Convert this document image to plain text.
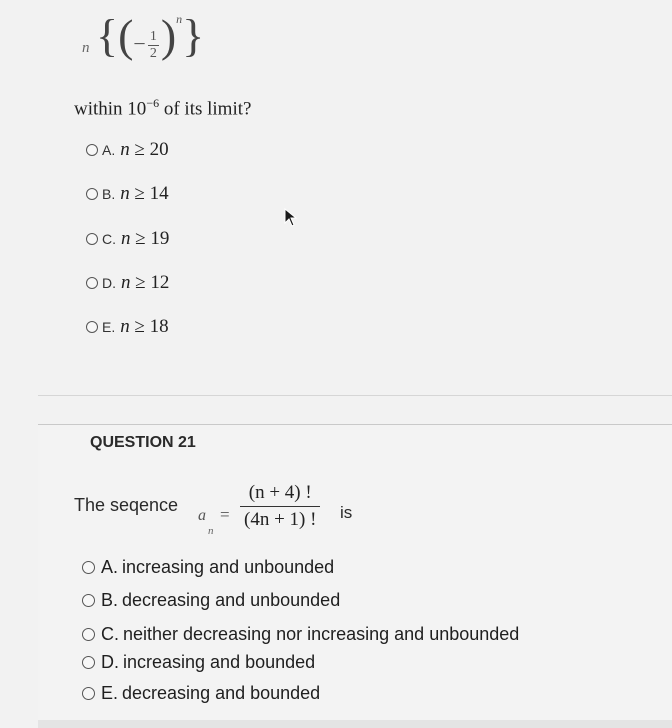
n {(− $\frac{1}{2} )^n$}
within $10^{-6}$ of its limit?
A. n ≥ 20
B. n ≥ 14
C. n ≥ 19
D. n ≥ 12
E. n ≥ 18
QUESTION 21
The seqence
a
n
= $\frac{(n + 4) !}{(4n + 1) !}$ is
A. increasing and unbounded
B. decreasing and unbounded
C. neither decreasing nor increasing and unbounded
D. increasing and bounded
E. decreasing and bounded
